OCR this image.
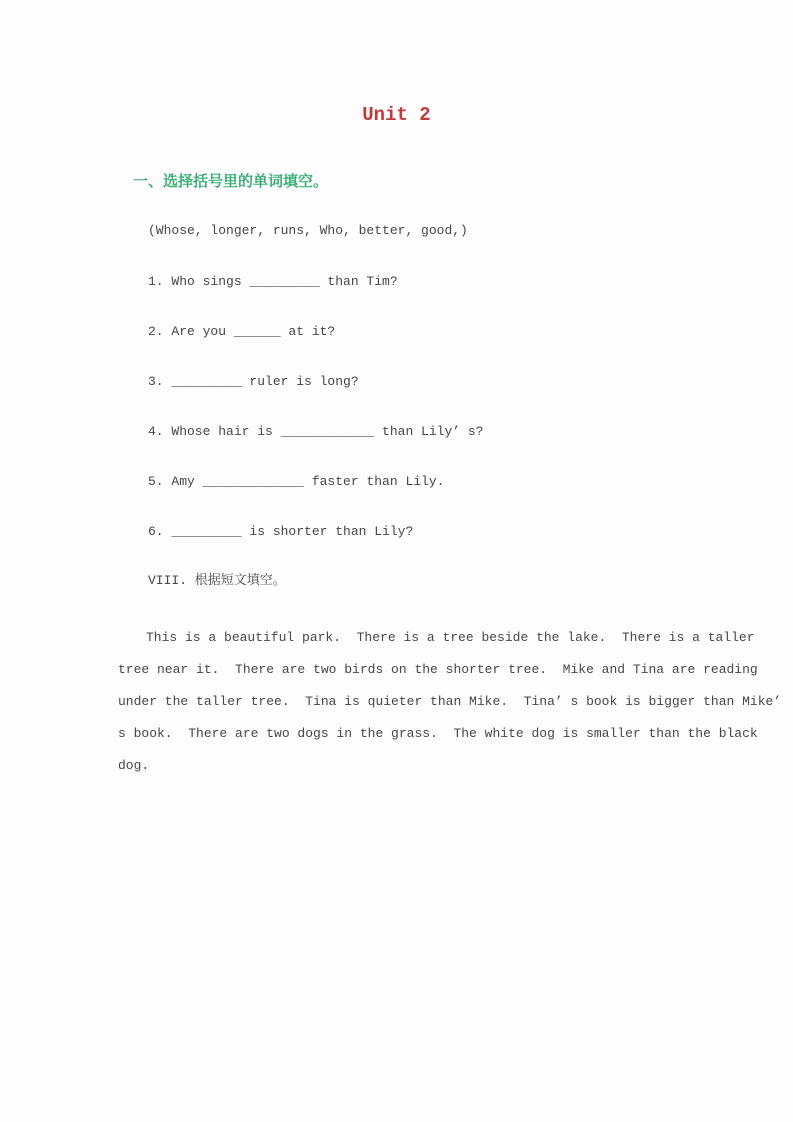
Unit 2
一、选择括号里的单词填空。
(Whose, longer, runs, Who, better, good,)
1. Who sings _________ than Tim?
2. Are you ______ at it?
3. _________ ruler is long?
4. Whose hair is ____________ than Lily’ s?
5. Amy _____________ faster than Lily.
6. _________ is shorter than Lily?
VIII. 根据短文填空。
This is a beautiful park.  There is a tree beside the lake.  There is a taller
tree near it.  There are two birds on the shorter tree.  Mike and Tina are reading
under the taller tree.  Tina is quieter than Mike.  Tina’ s book is bigger than Mike’
s book.  There are two dogs in the grass.  The white dog is smaller than the black
dog.
